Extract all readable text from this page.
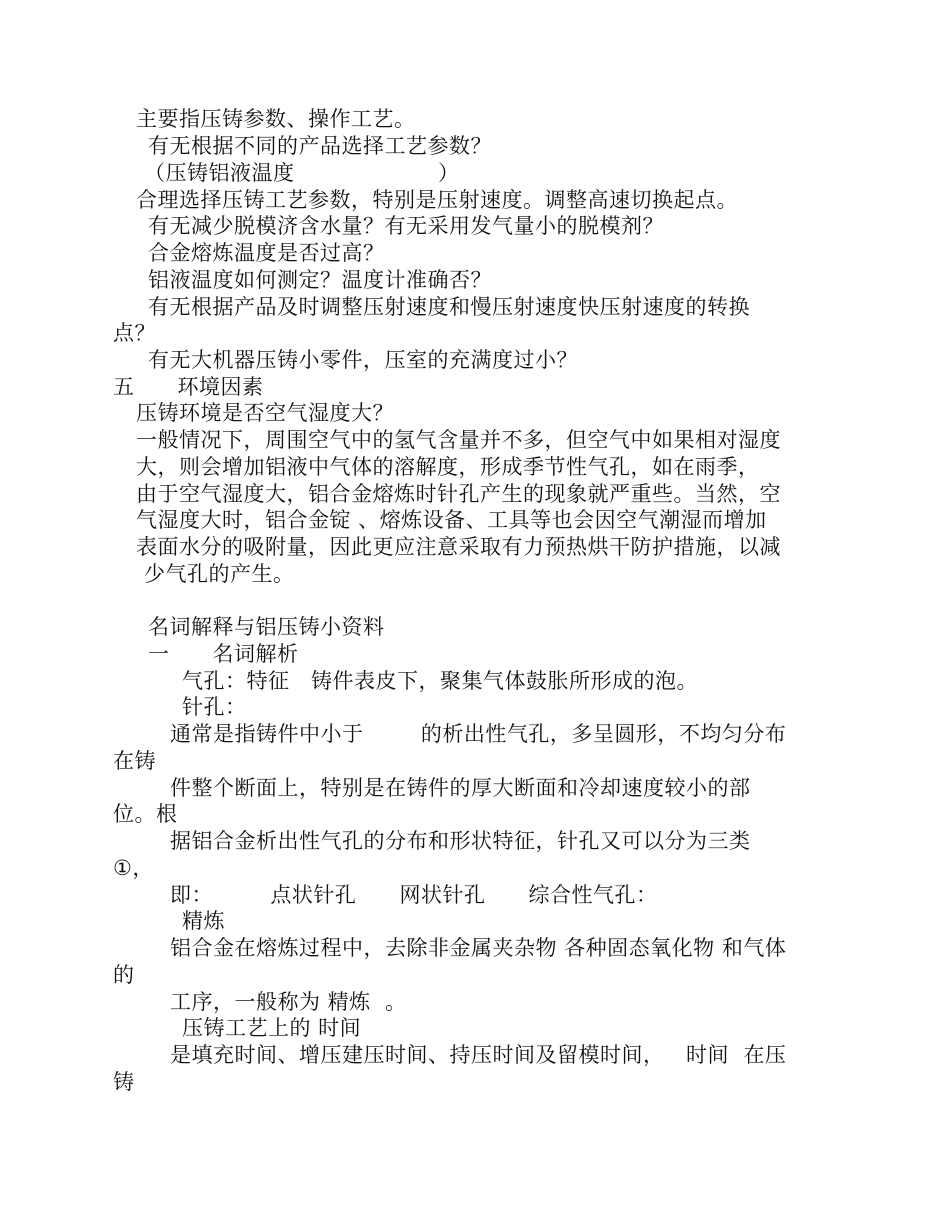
主要指压铸参数、操作工艺。
有无根据不同的产品选择工艺参数？
（压铸铝液温度                    ）
合理选择压铸工艺参数，特别是压射速度。调整高速切换起点。
有无减少脱模济含水量？有无采用发气量小的脱模剂？
合金熔炼温度是否过高？
铝液温度如何测定？温度计准确否？
有无根据产品及时调整压射速度和慢压射速度快压射速度的转换
点？
有无大机器压铸小零件，压室的充满度过小？
五      环境因素
压铸环境是否空气湿度大？
一般情况下，周围空气中的氢气含量并不多，但空气中如果相对湿度
大，则会增加铝液中气体的溶解度，形成季节性气孔，如在雨季，
由于空气湿度大，铝合金熔炼时针孔产生的现象就严重些。当然，空
气湿度大时，铝合金锭 、熔炼设备、工具等也会因空气潮湿而增加
表面水分的吸附量，因此更应注意采取有力预热烘干防护措施，以减
少气孔的产生。
名词解释与铝压铸小资料
一      名词解析
气孔：特征   铸件表皮下，聚集气体鼓胀所形成的泡。
针孔：
通常是指铸件中小于        的析出性气孔，多呈圆形，不均匀分布
在铸
件整个断面上，特别是在铸件的厚大断面和冷却速度较小的部
位。根
据铝合金析出性气孔的分布和形状特征，针孔又可以分为三类
①，
即：        点状针孔      网状针孔      综合性气孔：
精炼
铝合金在熔炼过程中，去除非金属夹杂物 各种固态氧化物 和气体
的
工序，一般称为 精炼  。
压铸工艺上的 时间
是填充时间、增压建压时间、持压时间及留模时间，   时间  在压
铸
